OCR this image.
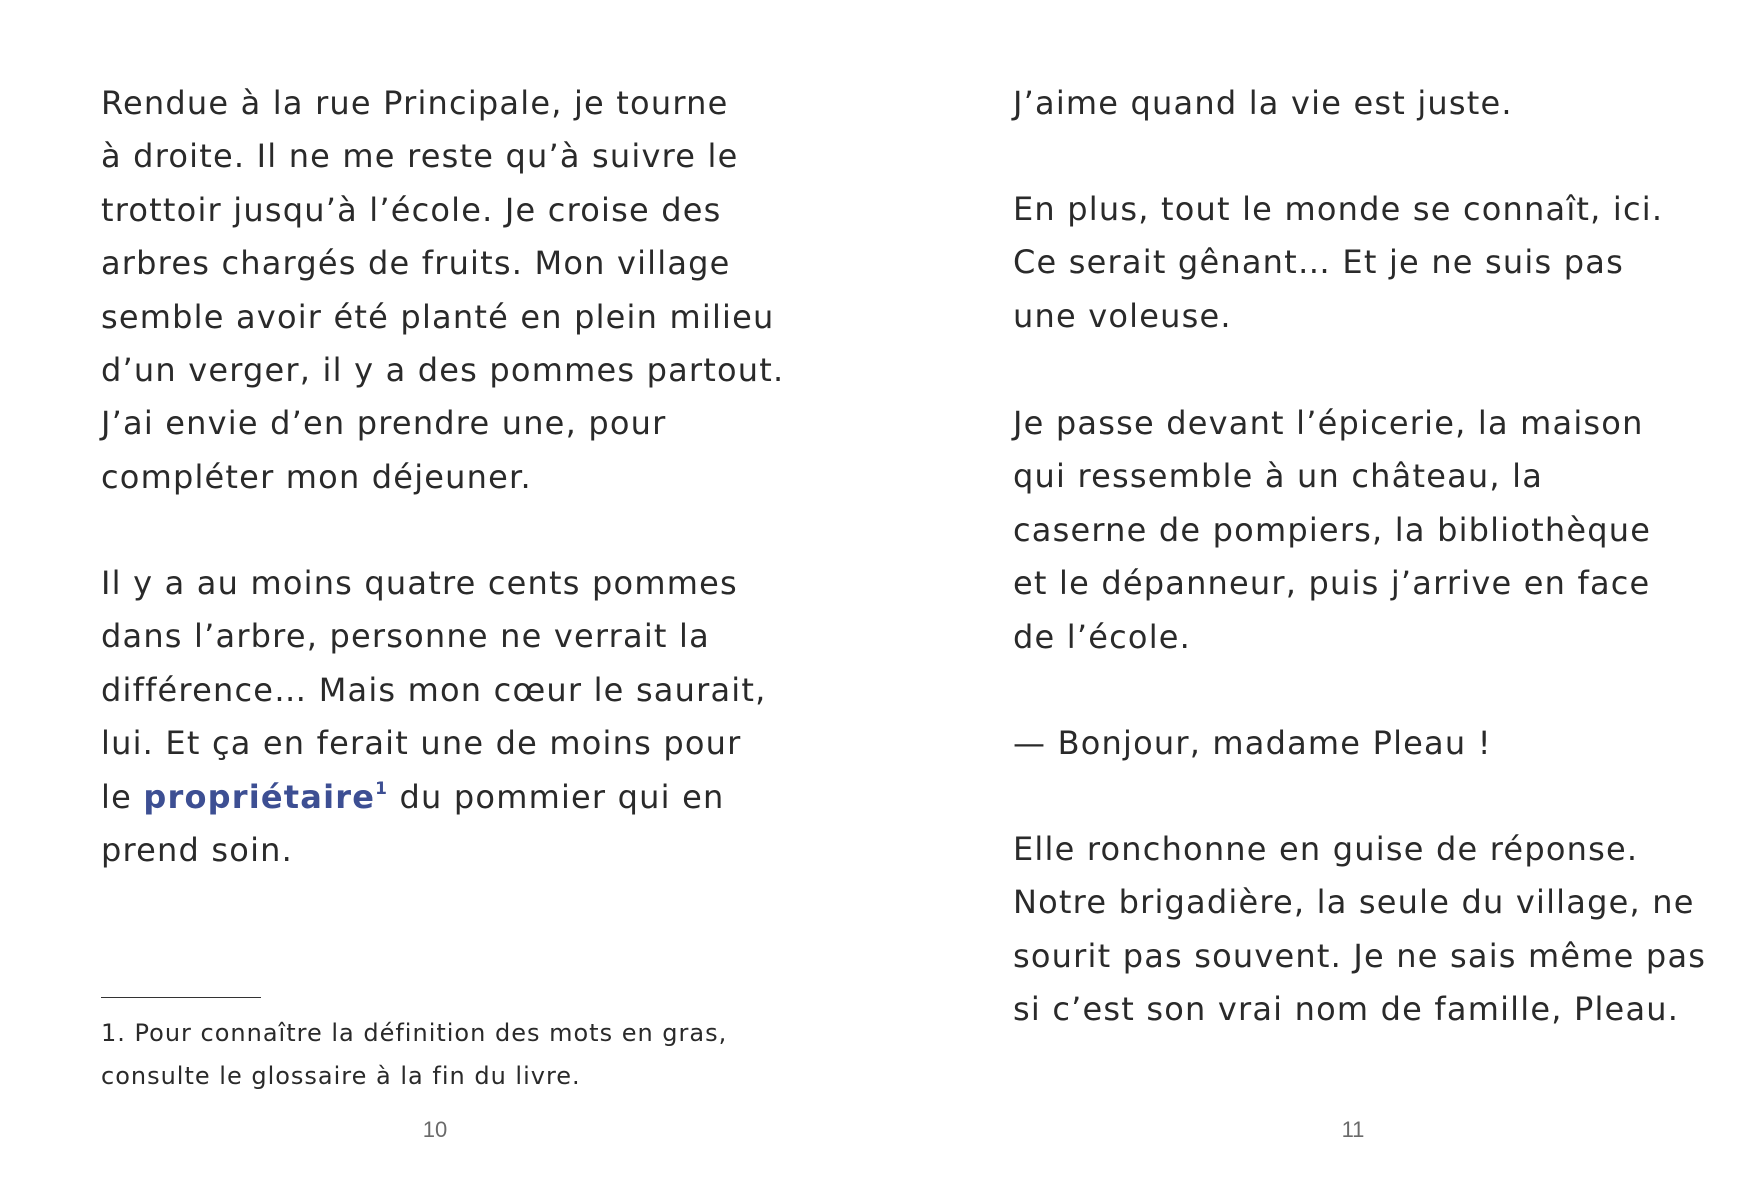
Rendue à la rue Principale, je tourne
à droite. Il ne me reste qu’à suivre le
trottoir jusqu’à l’école. Je croise des
arbres chargés de fruits. Mon village
semble avoir été planté en plein milieu
d’un verger, il y a des pommes partout.
J’ai envie d’en prendre une, pour
compléter mon déjeuner.
Il y a au moins quatre cents pommes
dans l’arbre, personne ne verrait la
différence… Mais mon cœur le saurait,
lui. Et ça en ferait une de moins pour
le propriétaire$^1$ du pommier qui en
prend soin.
1. Pour connaître la définition des mots en gras,
consulte le glossaire à la fin du livre.
10
J’aime quand la vie est juste.
En plus, tout le monde se connaît, ici.
Ce serait gênant… Et je ne suis pas
une voleuse.
Je passe devant l’épicerie, la maison
qui ressemble à un château, la
caserne de pompiers, la bibliothèque
et le dépanneur, puis j’arrive en face
de l’école.
— Bonjour, madame Pleau !
Elle ronchonne en guise de réponse.
Notre brigadière, la seule du village, ne
sourit pas souvent. Je ne sais même pas
si c’est son vrai nom de famille, Pleau.
11
